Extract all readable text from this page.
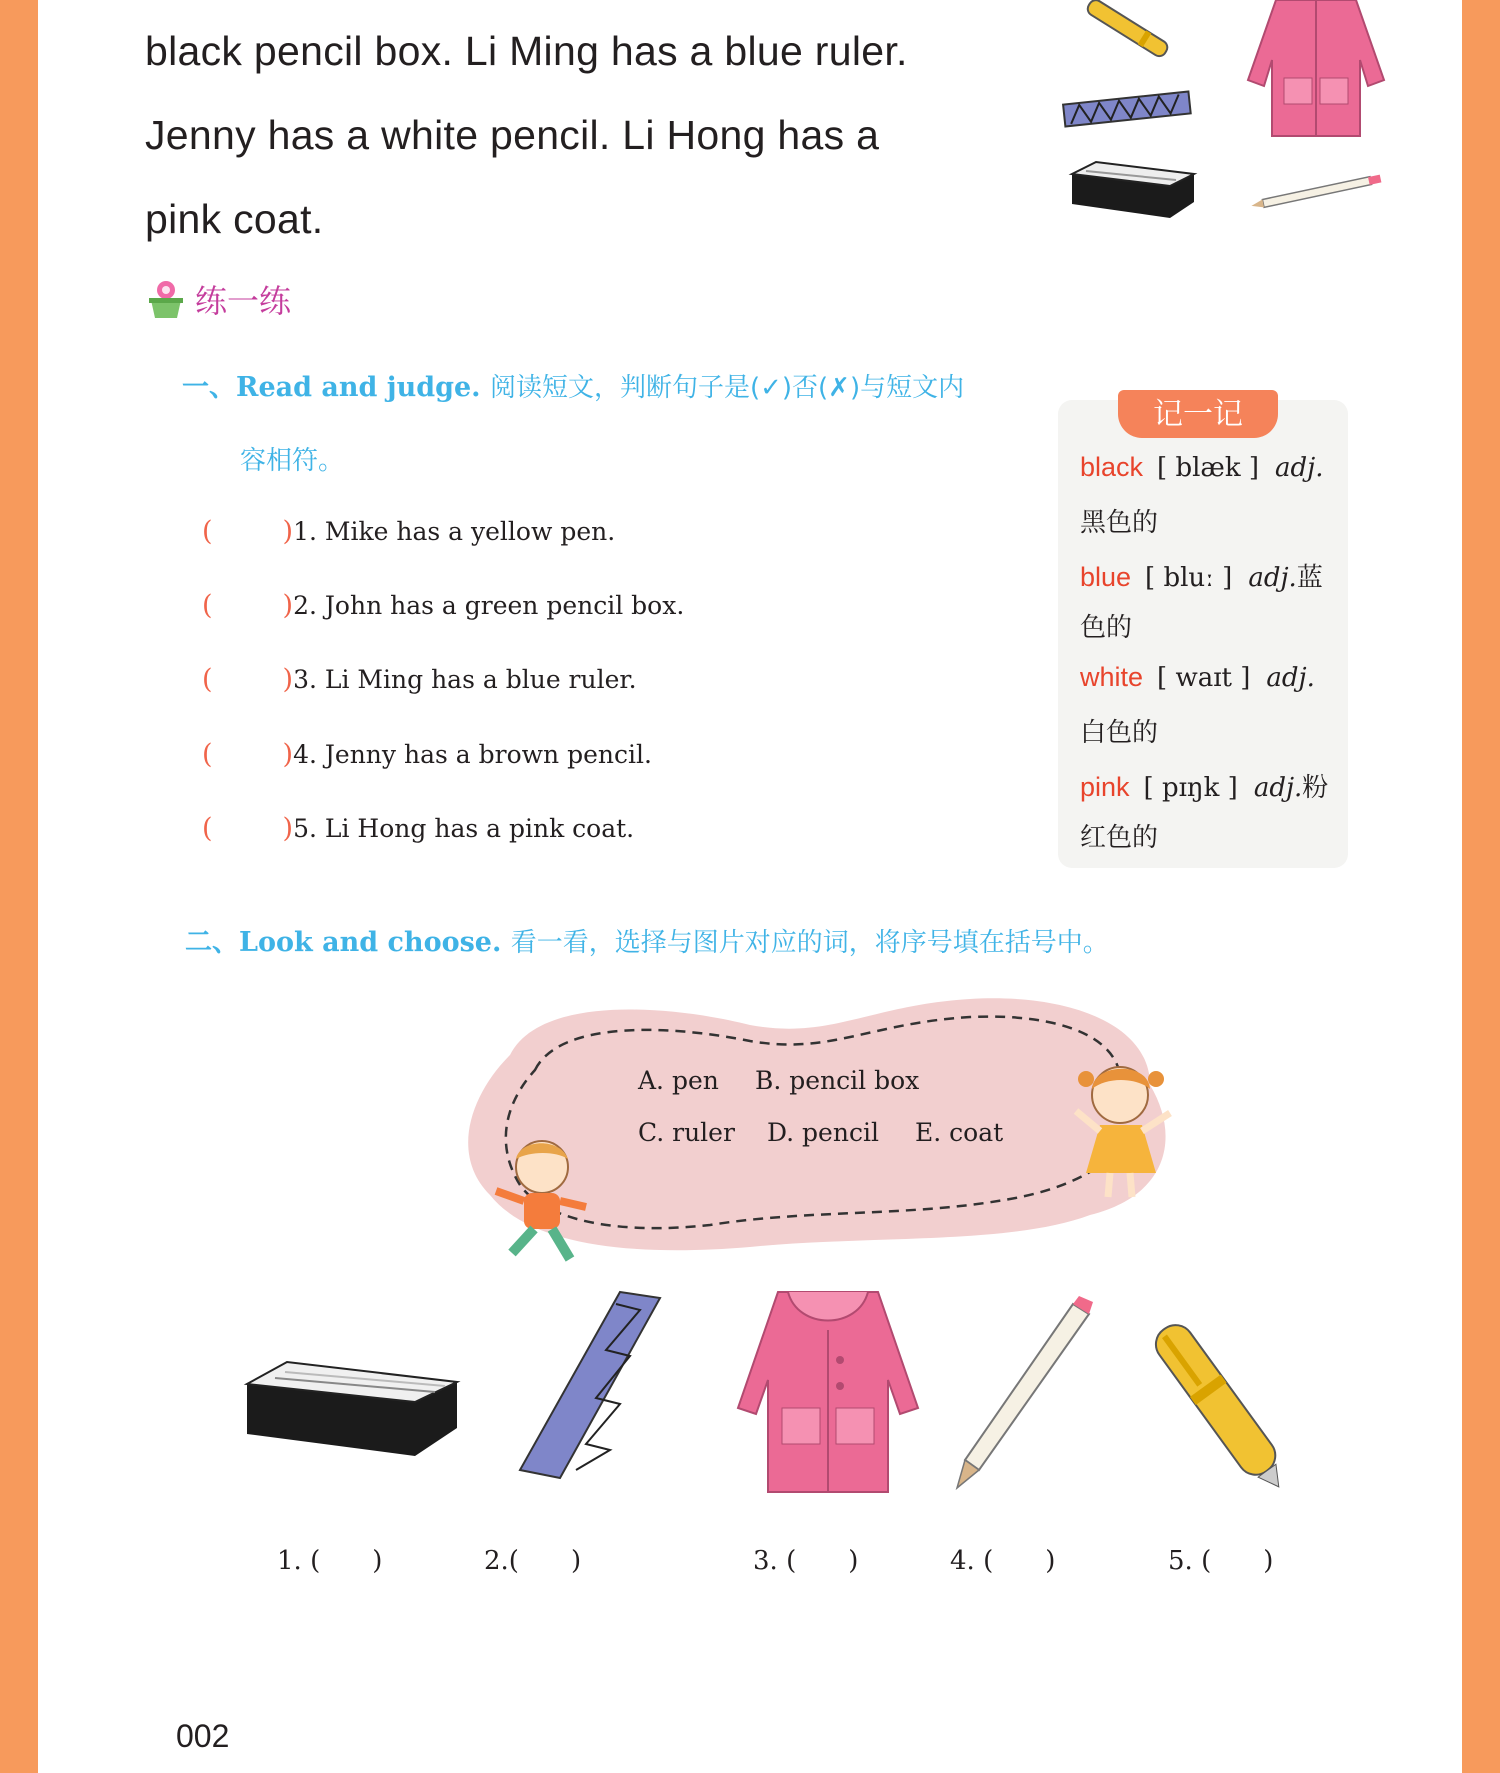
black pencil box. Li Ming has a blue ruler.
Jenny has a white pencil. Li Hong has a
pink coat.
练一练
一、Read and judge. 阅读短文，判断句子是(✓)否(✗)与短文内
容相符。
(	) 1. Mike has a yellow pen.
(	) 2. John has a green pencil box.
(	) 3. Li Ming has a blue ruler.
(	) 4. Jenny has a brown pencil.
(	) 5. Li Hong has a pink coat.
记一记
black [ blæk ] adj.
黑色的
blue [ bluː ] adj.蓝
色的
white [ waɪt ] adj.
白色的
pink [ pɪŋk ] adj.粉
红色的
二、Look and choose. 看一看，选择与图片对应的词，将序号填在括号中。
A. pen B. pencil box
C. ruler D. pencil E. coat
1. (　　)	2.(　　)	3. (　　)	4. (　　)	5. (　　)
002
